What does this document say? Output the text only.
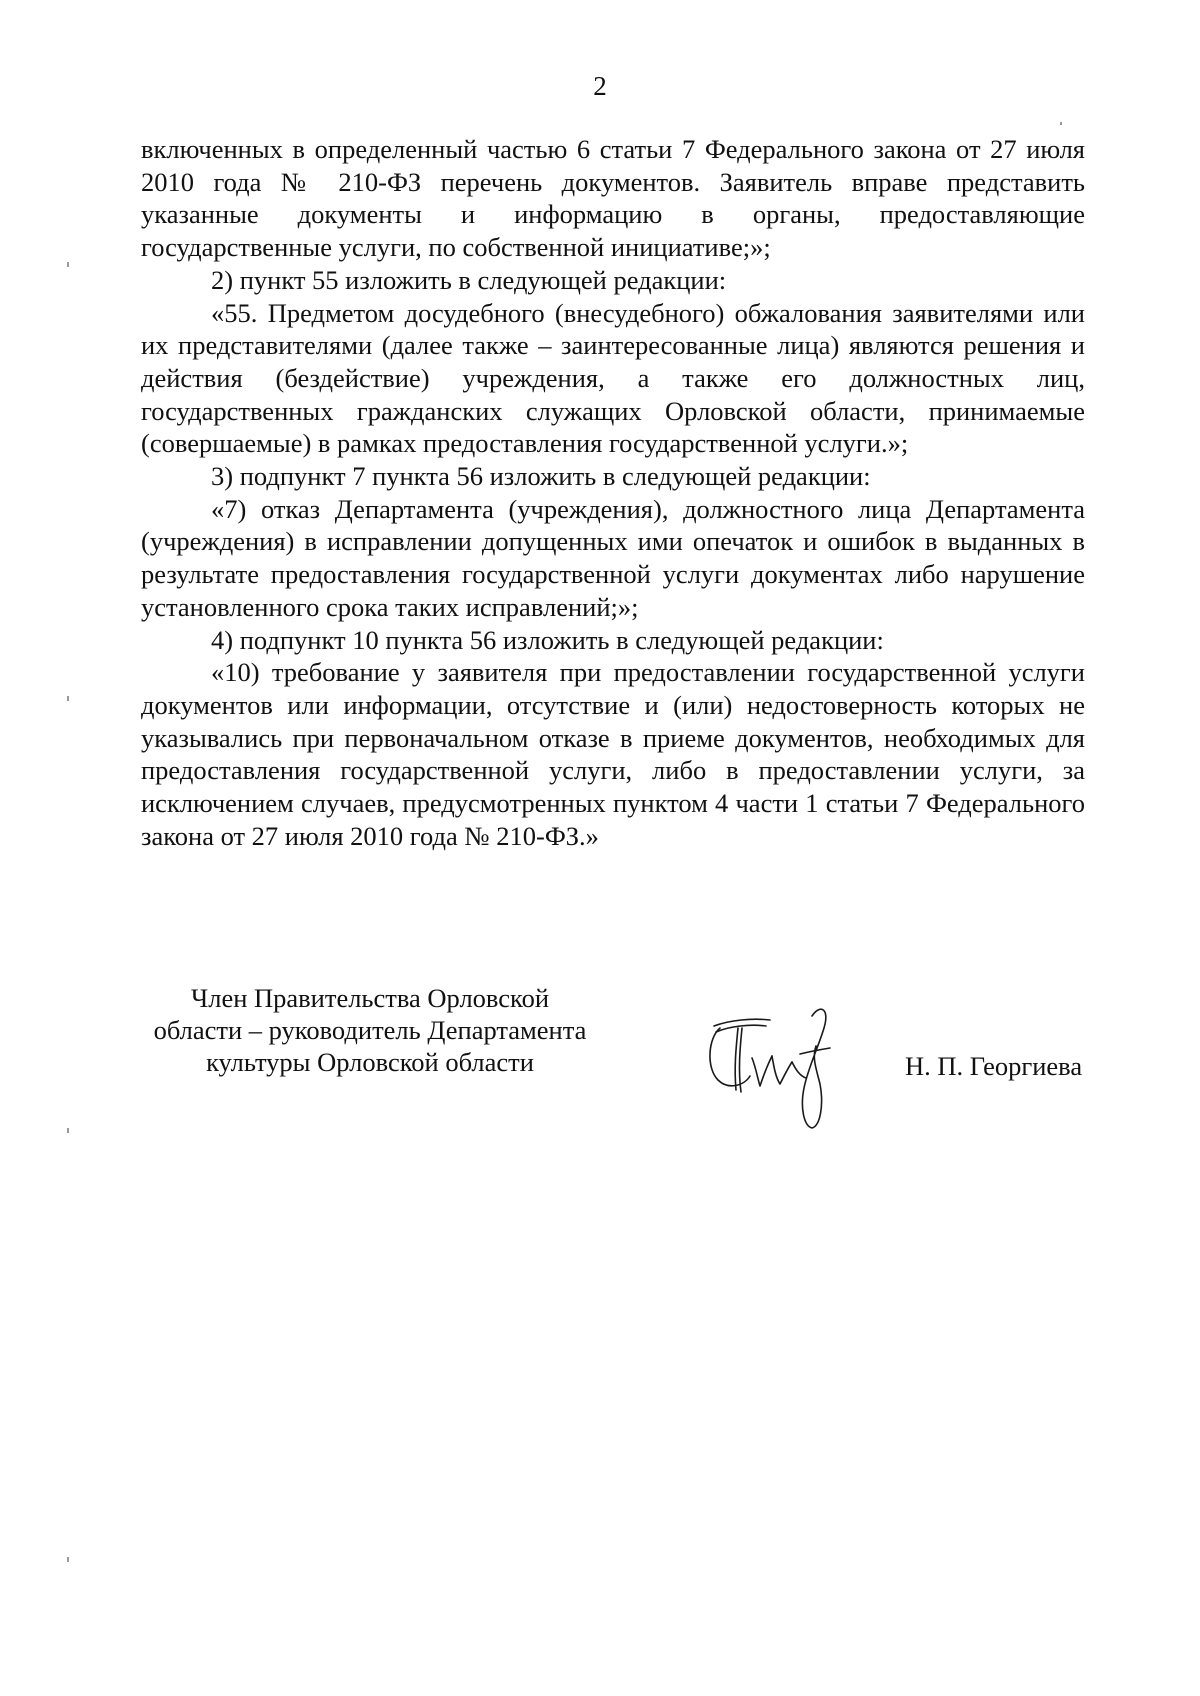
2

включенных в определенный частью 6 статьи 7 Федерального закона от 27 июля 2010 года № 210-ФЗ перечень документов. Заявитель вправе представить указанные документы и информацию в органы, предоставляющие государственные услуги, по собственной инициативе;»;

2) пункт 55 изложить в следующей редакции:

«55. Предметом досудебного (внесудебного) обжалования заявителями или их представителями (далее также – заинтересованные лица) являются решения и действия (бездействие) учреждения, а также его должностных лиц, государственных гражданских служащих Орловской области, принимаемые (совершаемые) в рамках предоставления государственной услуги.»;

3) подпункт 7 пункта 56 изложить в следующей редакции:

«7) отказ Департамента (учреждения), должностного лица Департамента (учреждения) в исправлении допущенных ими опечаток и ошибок в выданных в результате предоставления государственной услуги документах либо нарушение установленного срока таких исправлений;»;

4) подпункт 10 пункта 56 изложить в следующей редакции:

«10) требование у заявителя при предоставлении государственной услуги документов или информации, отсутствие и (или) недостоверность которых не указывались при первоначальном отказе в приеме документов, необходимых для предоставления государственной услуги, либо в предоставлении услуги, за исключением случаев, предусмотренных пунктом 4 части 1 статьи 7 Федерального закона от 27 июля 2010 года № 210-ФЗ.»

Член Правительства Орловской
области – руководитель Департамента
культуры Орловской области	Н. П. Георгиева
